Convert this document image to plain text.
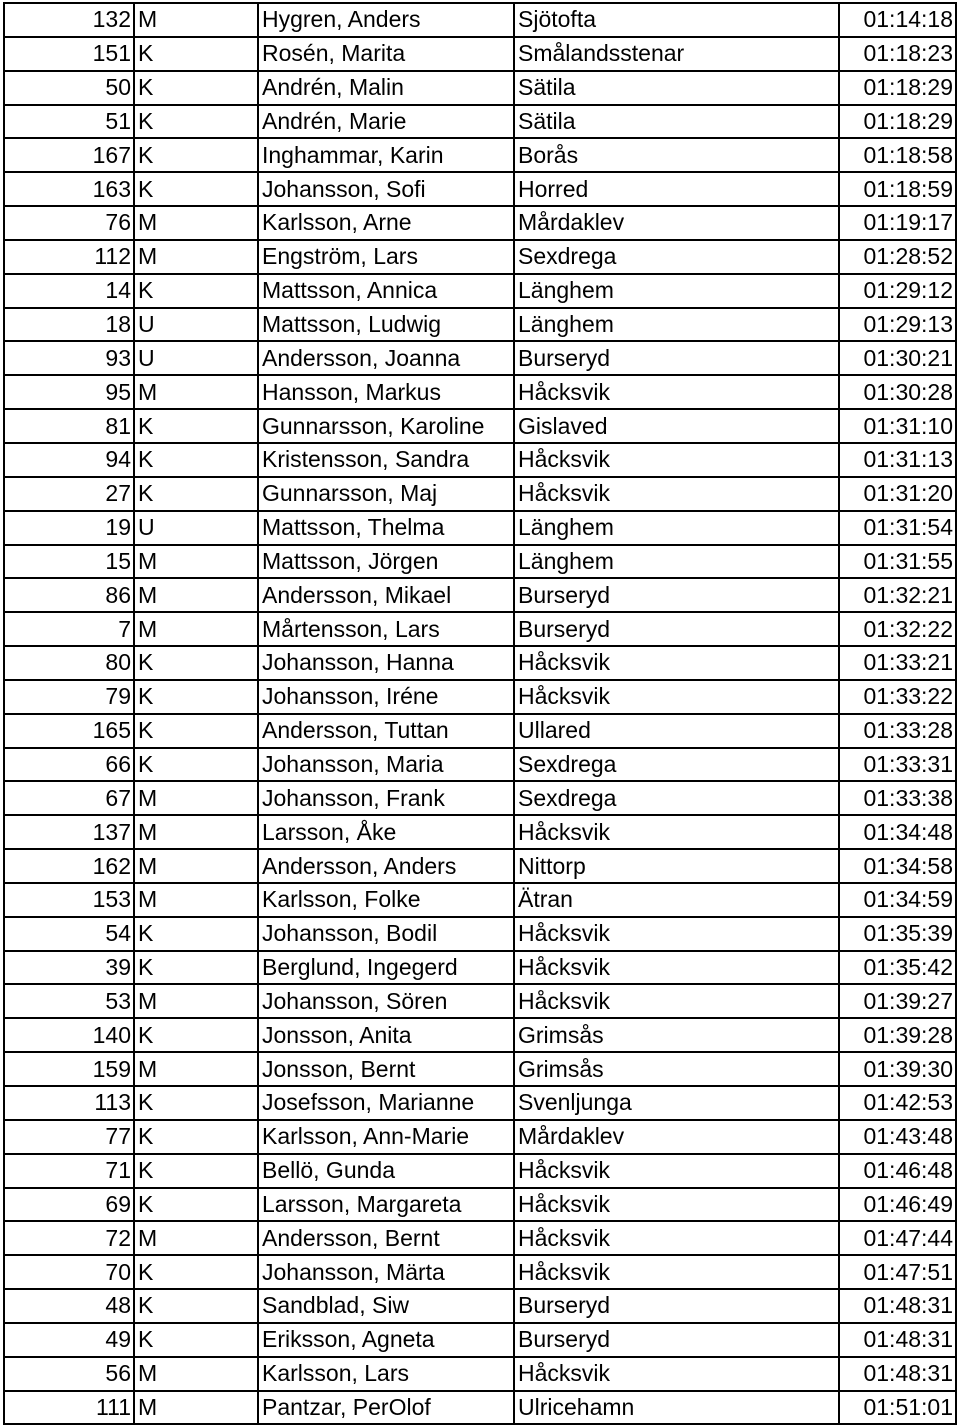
132	M	Hygren, Anders	Sjötofta	01:14:18
151	K	Rosén, Marita	Smålandsstenar	01:18:23
50	K	Andrén, Malin	Sätila	01:18:29
51	K	Andrén, Marie	Sätila	01:18:29
167	K	Inghammar, Karin	Borås	01:18:58
163	K	Johansson, Sofi	Horred	01:18:59
76	M	Karlsson, Arne	Mårdaklev	01:19:17
112	M	Engström, Lars	Sexdrega	01:28:52
14	K	Mattsson, Annica	Länghem	01:29:12
18	U	Mattsson, Ludwig	Länghem	01:29:13
93	U	Andersson, Joanna	Burseryd	01:30:21
95	M	Hansson, Markus	Håcksvik	01:30:28
81	K	Gunnarsson, Karoline	Gislaved	01:31:10
94	K	Kristensson, Sandra	Håcksvik	01:31:13
27	K	Gunnarsson, Maj	Håcksvik	01:31:20
19	U	Mattsson, Thelma	Länghem	01:31:54
15	M	Mattsson, Jörgen	Länghem	01:31:55
86	M	Andersson, Mikael	Burseryd	01:32:21
7	M	Mårtensson, Lars	Burseryd	01:32:22
80	K	Johansson, Hanna	Håcksvik	01:33:21
79	K	Johansson, Iréne	Håcksvik	01:33:22
165	K	Andersson, Tuttan	Ullared	01:33:28
66	K	Johansson, Maria	Sexdrega	01:33:31
67	M	Johansson, Frank	Sexdrega	01:33:38
137	M	Larsson, Åke	Håcksvik	01:34:48
162	M	Andersson, Anders	Nittorp	01:34:58
153	M	Karlsson, Folke	Ätran	01:34:59
54	K	Johansson, Bodil	Håcksvik	01:35:39
39	K	Berglund, Ingegerd	Håcksvik	01:35:42
53	M	Johansson, Sören	Håcksvik	01:39:27
140	K	Jonsson, Anita	Grimsås	01:39:28
159	M	Jonsson, Bernt	Grimsås	01:39:30
113	K	Josefsson, Marianne	Svenljunga	01:42:53
77	K	Karlsson, Ann-Marie	Mårdaklev	01:43:48
71	K	Bellö, Gunda	Håcksvik	01:46:48
69	K	Larsson, Margareta	Håcksvik	01:46:49
72	M	Andersson, Bernt	Håcksvik	01:47:44
70	K	Johansson, Märta	Håcksvik	01:47:51
48	K	Sandblad, Siw	Burseryd	01:48:31
49	K	Eriksson, Agneta	Burseryd	01:48:31
56	M	Karlsson, Lars	Håcksvik	01:48:31
111	M	Pantzar, PerOlof	Ulricehamn	01:51:01
